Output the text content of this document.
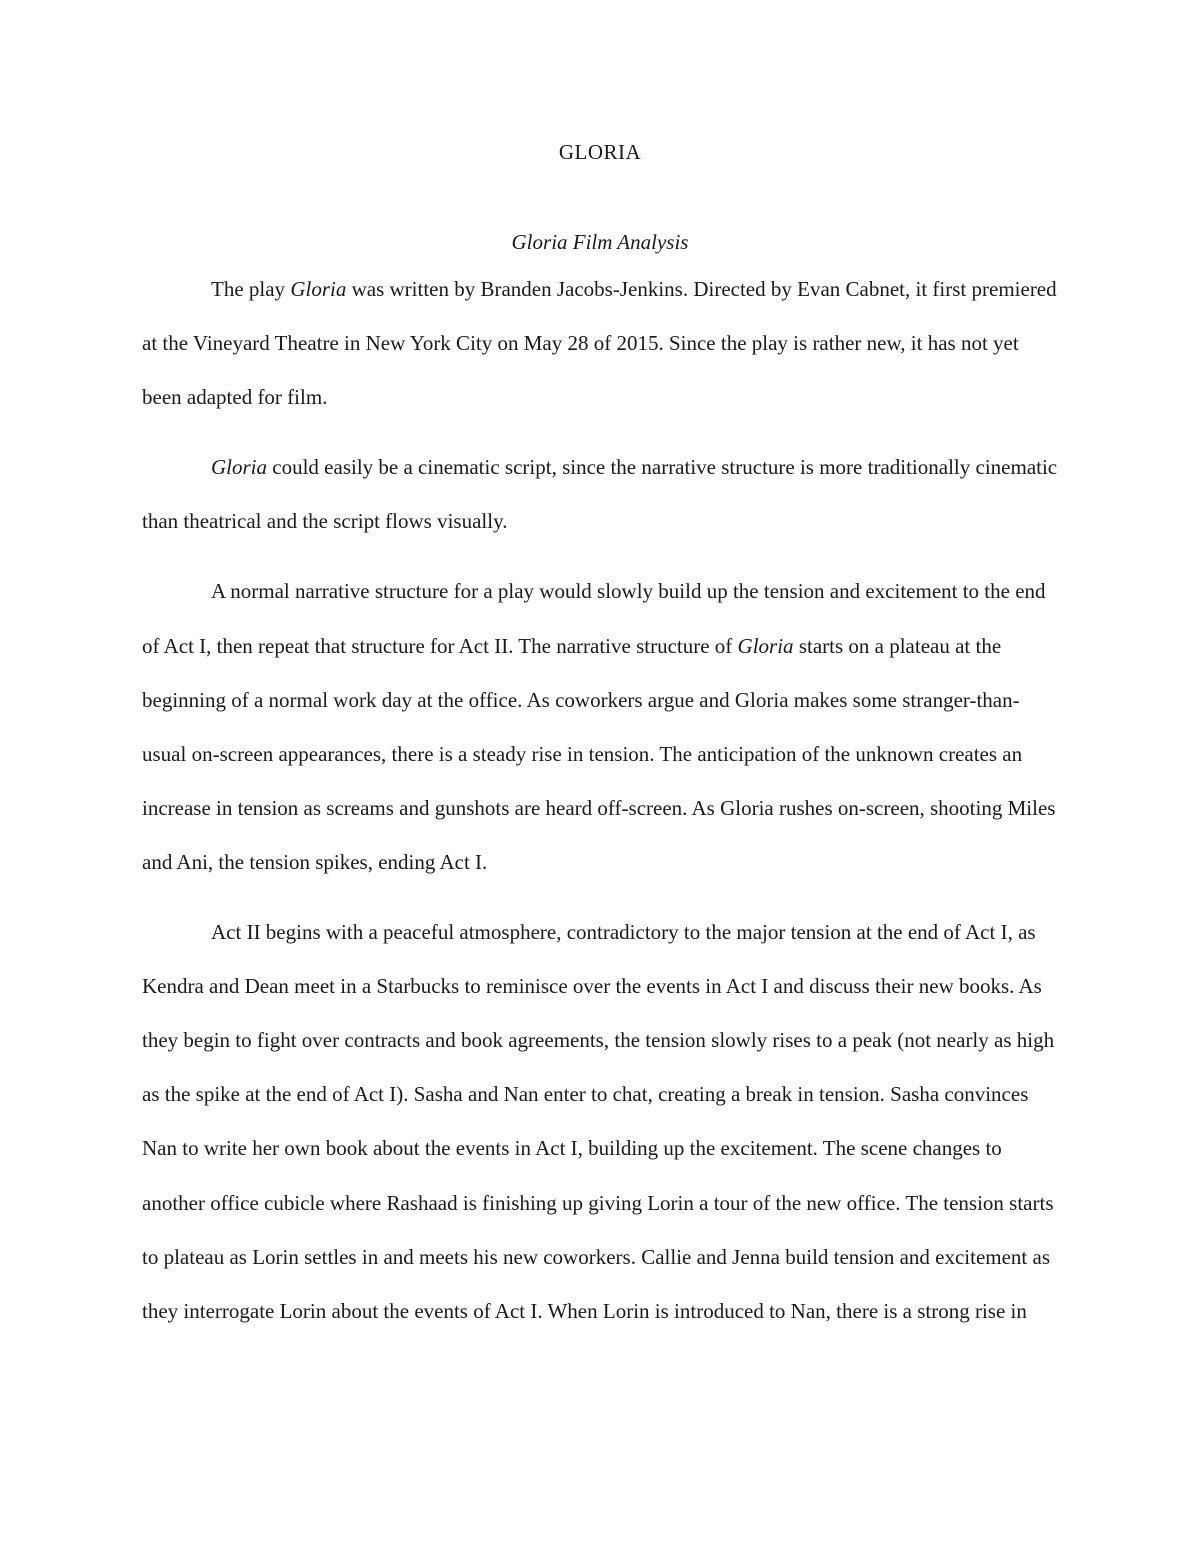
GLORIA
Gloria Film Analysis

The play Gloria was written by Branden Jacobs-Jenkins. Directed by Evan Cabnet, it first premiered at the Vineyard Theatre in New York City on May 28 of 2015. Since the play is rather new, it has not yet been adapted for film.

Gloria could easily be a cinematic script, since the narrative structure is more traditionally cinematic than theatrical and the script flows visually.

A normal narrative structure for a play would slowly build up the tension and excitement to the end of Act I, then repeat that structure for Act II. The narrative structure of Gloria starts on a plateau at the beginning of a normal work day at the office. As coworkers argue and Gloria makes some stranger-than-usual on-screen appearances, there is a steady rise in tension. The anticipation of the unknown creates an increase in tension as screams and gunshots are heard off-screen. As Gloria rushes on-screen, shooting Miles and Ani, the tension spikes, ending Act I.

Act II begins with a peaceful atmosphere, contradictory to the major tension at the end of Act I, as Kendra and Dean meet in a Starbucks to reminisce over the events in Act I and discuss their new books. As they begin to fight over contracts and book agreements, the tension slowly rises to a peak (not nearly as high as the spike at the end of Act I). Sasha and Nan enter to chat, creating a break in tension. Sasha convinces Nan to write her own book about the events in Act I, building up the excitement. The scene changes to another office cubicle where Rashaad is finishing up giving Lorin a tour of the new office. The tension starts to plateau as Lorin settles in and meets his new coworkers. Callie and Jenna build tension and excitement as they interrogate Lorin about the events of Act I. When Lorin is introduced to Nan, there is a strong rise in
